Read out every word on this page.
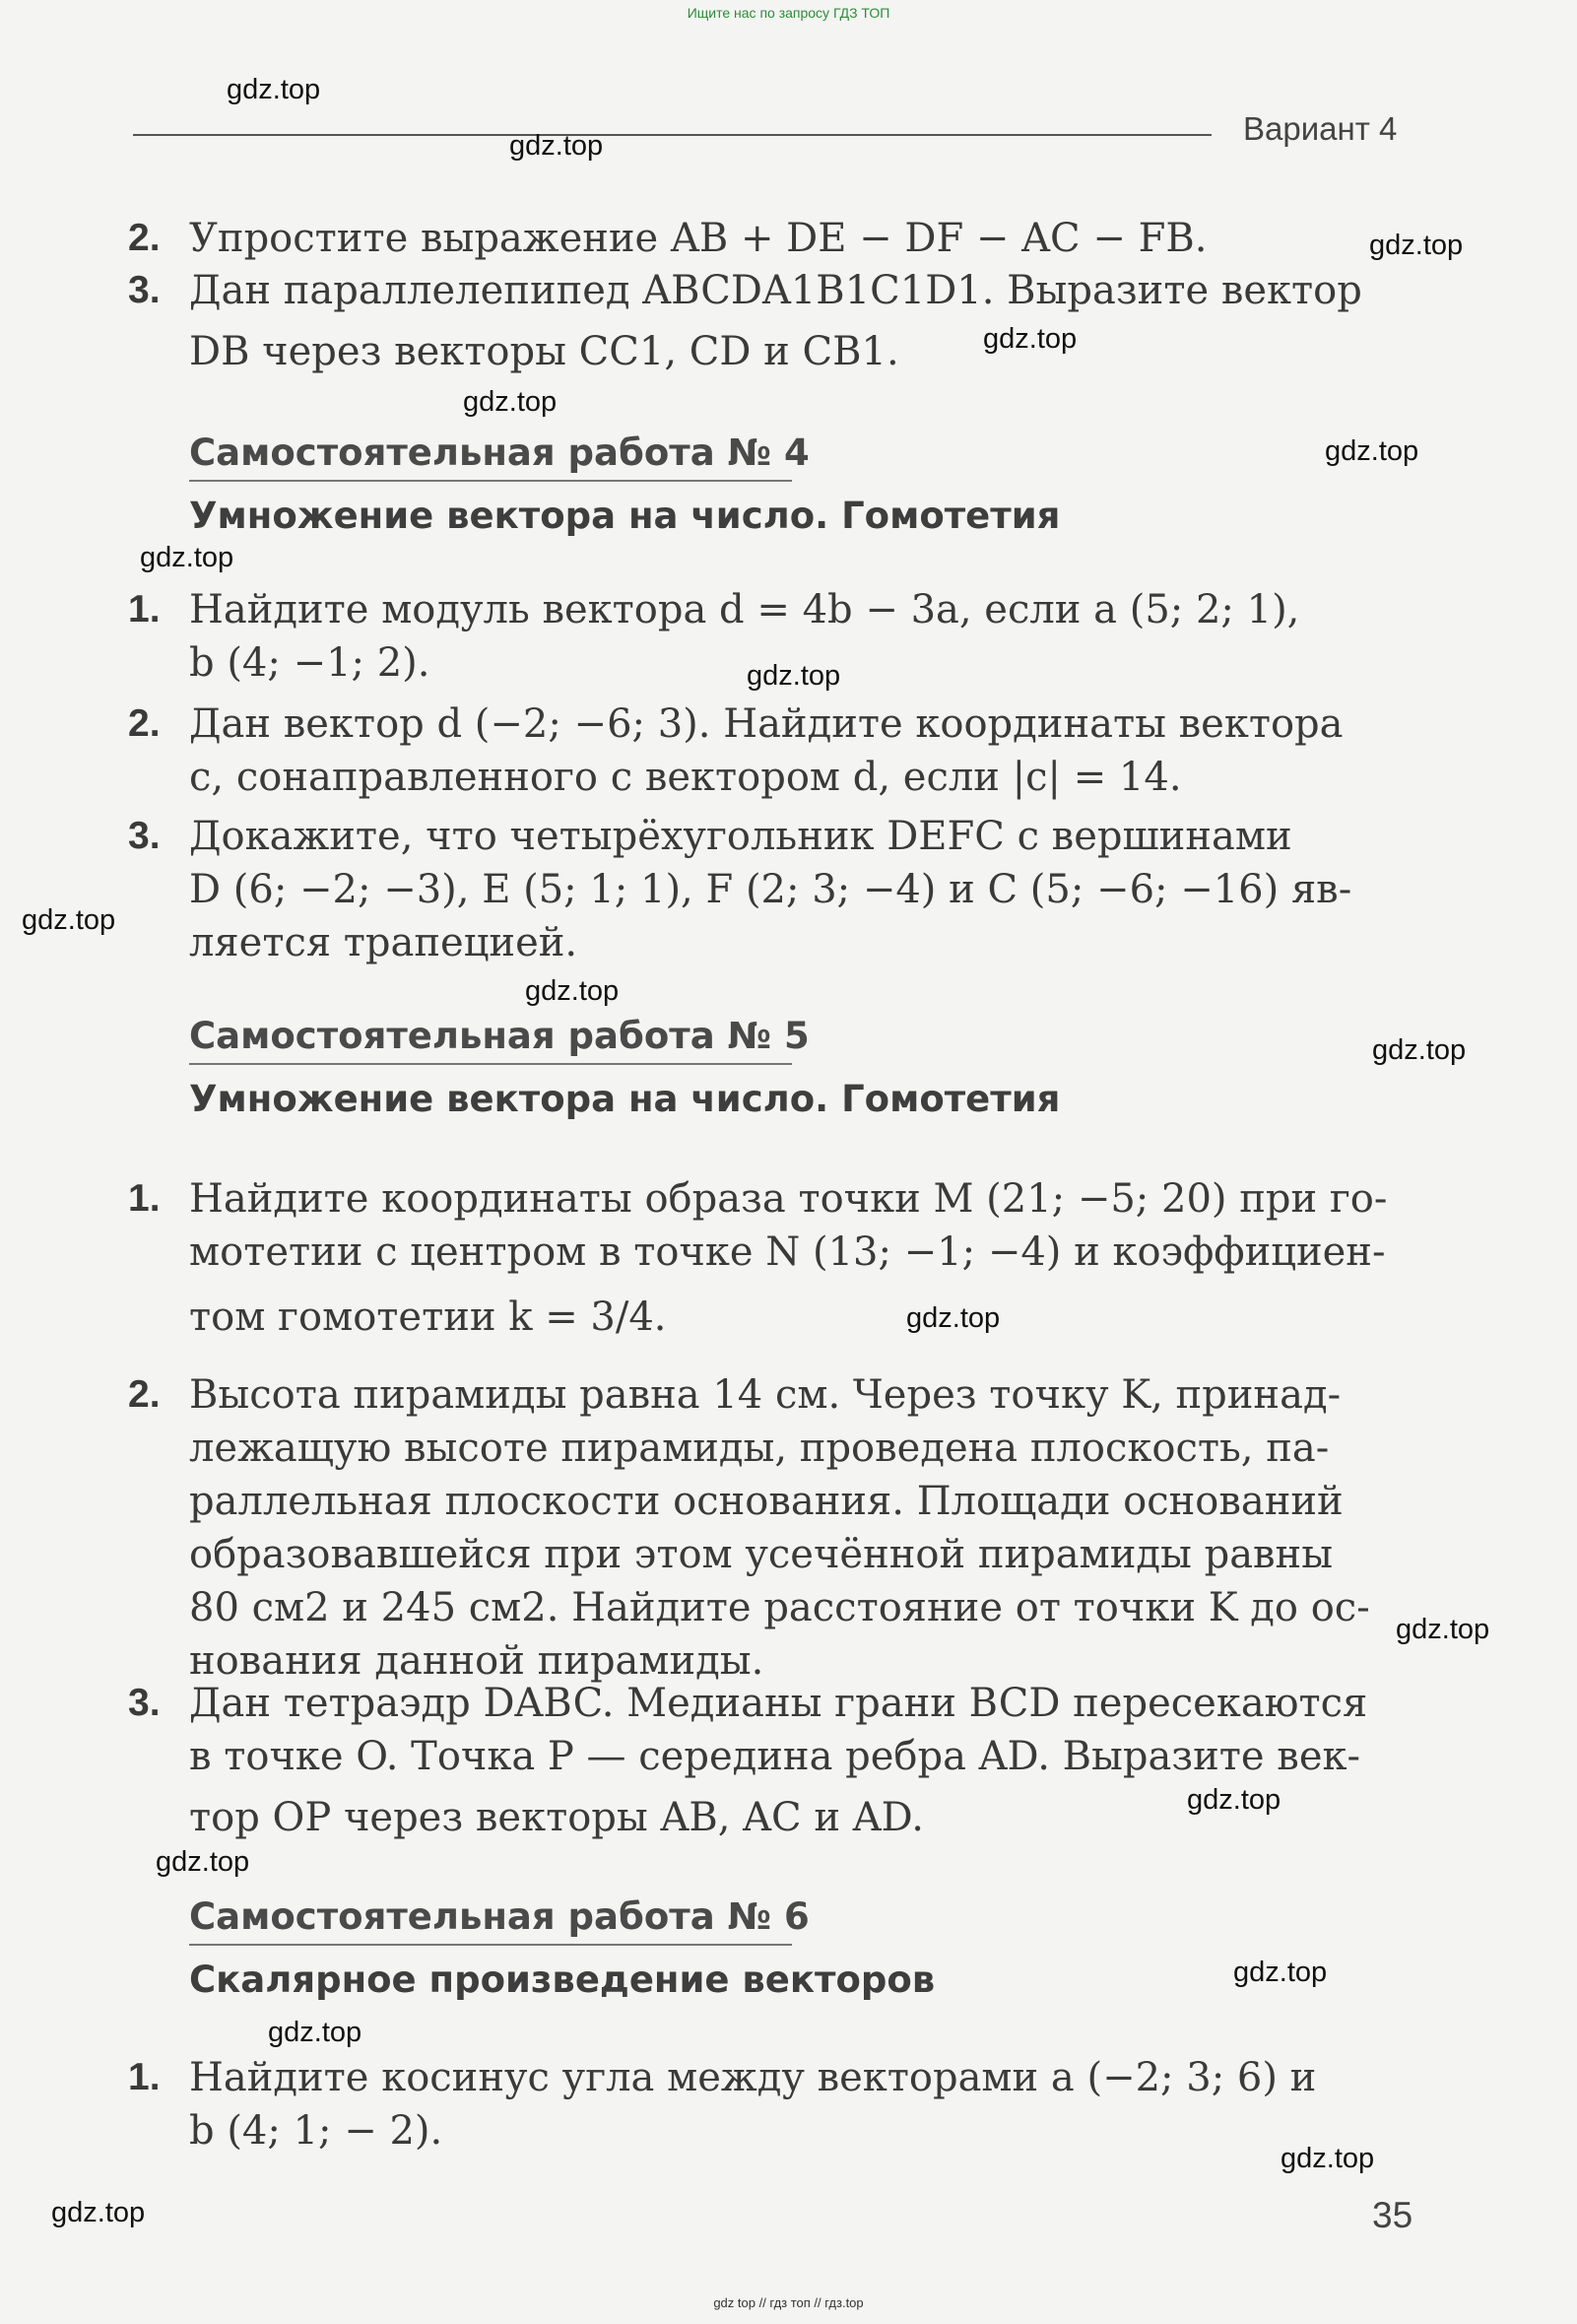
Ищите нас по запросу ГДЗ ТОП
Вариант 4
gdz.top
gdz.top
gdz.top
gdz.top
gdz.top
gdz.top
gdz.top
gdz.top
gdz.top
gdz.top
gdz.top
gdz.top
gdz.top
gdz.top
gdz.top
gdz.top
gdz.top
gdz.top
gdz.top
2. Упростите выражение AB + DE − DF − AC − FB.
3. Дан параллелепипед ABCDA1B1C1D1. Выразите вектор
DB через векторы CC1, CD и CB1.
Самостоятельная работа № 4
Умножение вектора на число. Гомотетия
1. Найдите модуль вектора d = 4b − 3a, если a (5; 2; 1),
b (4; −1; 2).
2. Дан вектор d (−2; −6; 3). Найдите координаты вектора
c, сонаправленного с вектором d, если |c| = 14.
3. Докажите, что четырёхугольник DEFC с вершинами
D (6; −2; −3), E (5; 1; 1), F (2; 3; −4) и C (5; −6; −16) яв-
ляется трапецией.
Самостоятельная работа № 5
Умножение вектора на число. Гомотетия
1. Найдите координаты образа точки M (21; −5; 20) при го-
мотетии с центром в точке N (13; −1; −4) и коэффициен-
том гомотетии k = 3/4.
2. Высота пирамиды равна 14 см. Через точку K, принад-
лежащую высоте пирамиды, проведена плоскость, па-
раллельная плоскости основания. Площади оснований
образовавшейся при этом усечённой пирамиды равны
80 см2 и 245 см2. Найдите расстояние от точки K до ос-
нования данной пирамиды.
3. Дан тетраэдр DABC. Медианы грани BCD пересекаются
в точке O. Точка P — середина ребра AD. Выразите век-
тор OP через векторы AB, AC и AD.
Самостоятельная работа № 6
Скалярное произведение векторов
1. Найдите косинус угла между векторами a (−2; 3; 6) и
b (4; 1; − 2).
35
gdz top // гдз топ // гдз.top
